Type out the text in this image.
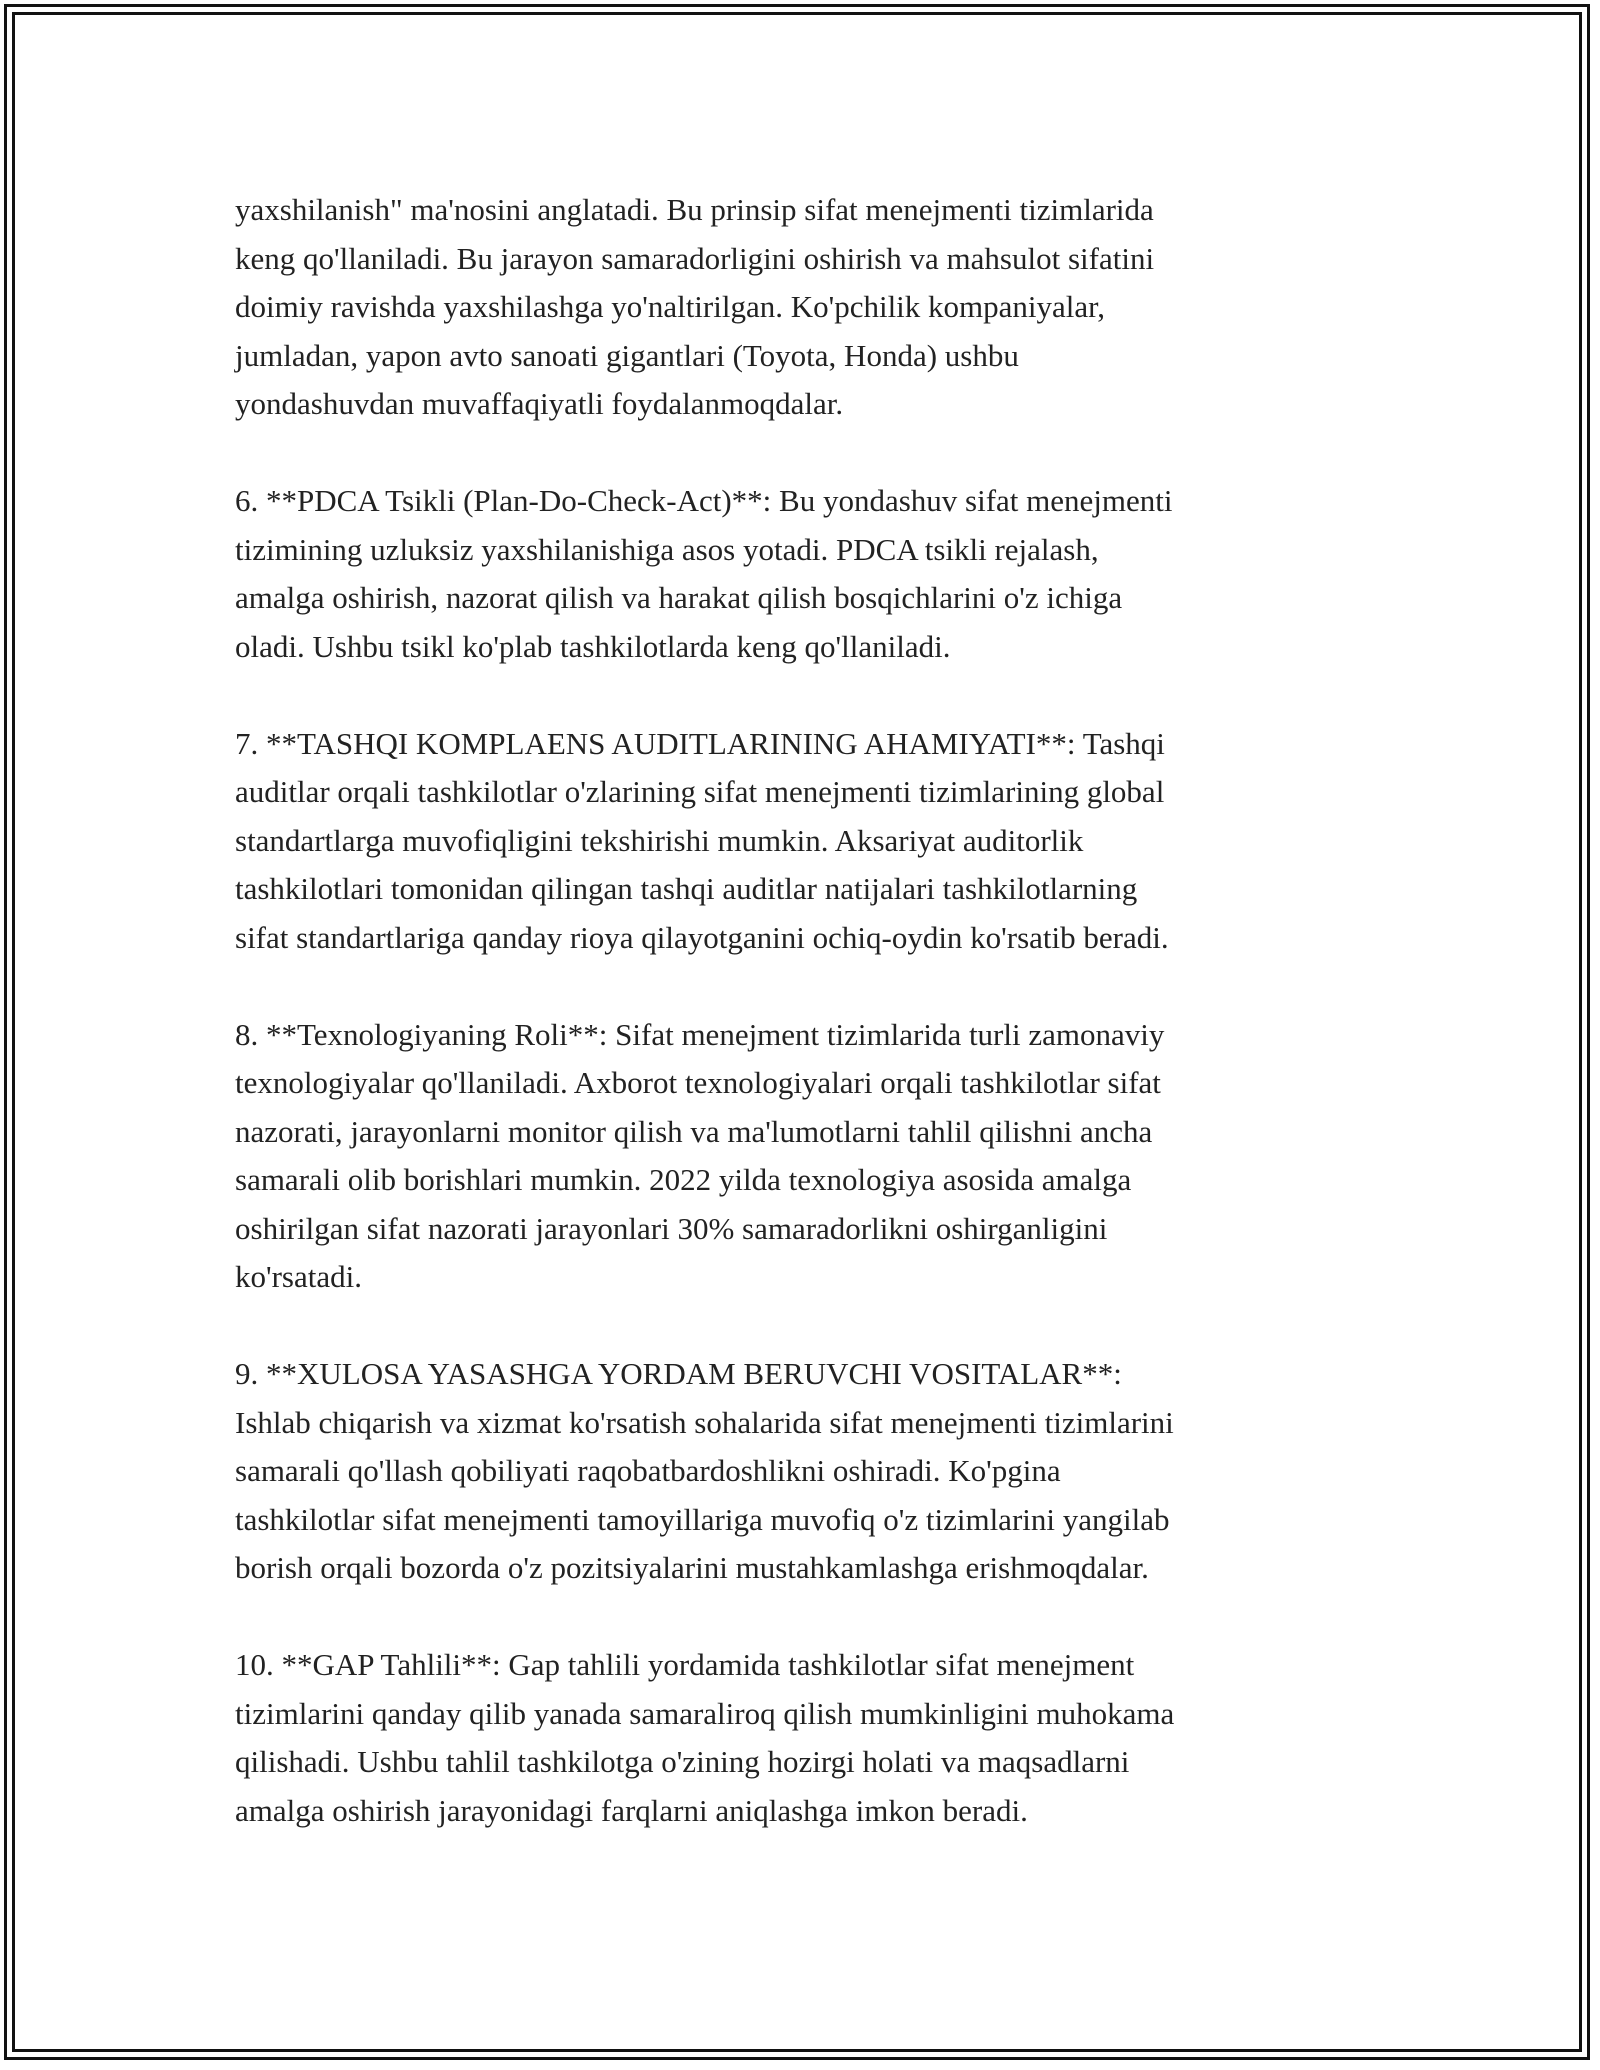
yaxshilanish" ma'nosini anglatadi. Bu prinsip sifat menejmenti tizimlarida
keng qo'llaniladi. Bu jarayon samaradorligini oshirish va mahsulot sifatini
doimiy ravishda yaxshilashga yo'naltirilgan. Ko'pchilik kompaniyalar,
jumladan, yapon avto sanoati gigantlari (Toyota, Honda) ushbu
yondashuvdan muvaffaqiyatli foydalanmoqdalar.

6. **PDCA Tsikli (Plan-Do-Check-Act)**: Bu yondashuv sifat menejmenti
tizimining uzluksiz yaxshilanishiga asos yotadi. PDCA tsikli rejalash,
amalga oshirish, nazorat qilish va harakat qilish bosqichlarini o'z ichiga
oladi. Ushbu tsikl ko'plab tashkilotlarda keng qo'llaniladi.

7. **TASHQI KOMPLAENS AUDITLARINING AHAMIYATI**: Tashqi
auditlar orqali tashkilotlar o'zlarining sifat menejmenti tizimlarining global
standartlarga muvofiqligini tekshirishi mumkin. Aksariyat auditorlik
tashkilotlari tomonidan qilingan tashqi auditlar natijalari tashkilotlarning
sifat standartlariga qanday rioya qilayotganini ochiq-oydin ko'rsatib beradi.

8. **Texnologiyaning Roli**: Sifat menejment tizimlarida turli zamonaviy
texnologiyalar qo'llaniladi. Axborot texnologiyalari orqali tashkilotlar sifat
nazorati, jarayonlarni monitor qilish va ma'lumotlarni tahlil qilishni ancha
samarali olib borishlari mumkin. 2022 yilda texnologiya asosida amalga
oshirilgan sifat nazorati jarayonlari 30% samaradorlikni oshirganligini
ko'rsatadi.

9. **XULOSA YASASHGA YORDAM BERUVCHI VOSITALAR**:
Ishlab chiqarish va xizmat ko'rsatish sohalarida sifat menejmenti tizimlarini
samarali qo'llash qobiliyati raqobatbardoshlikni oshiradi. Ko'pgina
tashkilotlar sifat menejmenti tamoyillariga muvofiq o'z tizimlarini yangilab
borish orqali bozorda o'z pozitsiyalarini mustahkamlashga erishmoqdalar.

10. **GAP Tahlili**: Gap tahlili yordamida tashkilotlar sifat menejment
tizimlarini qanday qilib yanada samaraliroq qilish mumkinligini muhokama
qilishadi. Ushbu tahlil tashkilotga o'zining hozirgi holati va maqsadlarni
amalga oshirish jarayonidagi farqlarni aniqlashga imkon beradi.
